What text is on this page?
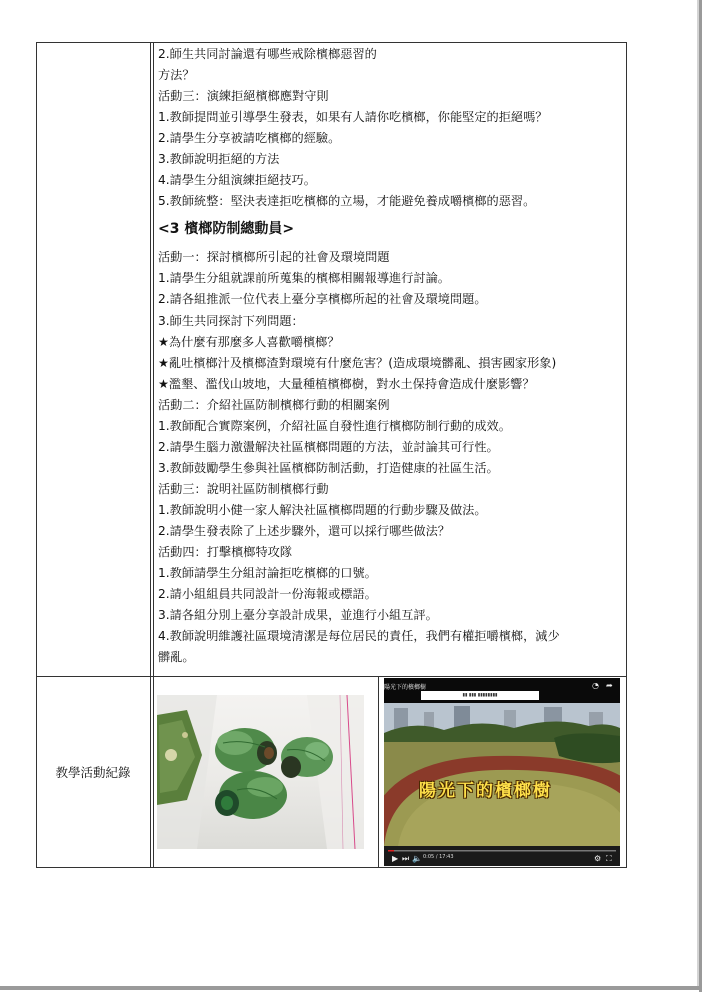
2.師生共同討論還有哪些戒除檳榔惡習的

方法？

活動三：演練拒絕檳榔應對守則

1.教師提問並引導學生發表，如果有人請你吃檳榔，你能堅定的拒絕嗎？

2.請學生分享被請吃檳榔的經驗。

3.教師說明拒絕的方法

4.請學生分組演練拒絕技巧。

5.教師統整：堅決表達拒吃檳榔的立場，才能避免養成嚼檳榔的惡習。

<3 檳榔防制總動員>

活動一：探討檳榔所引起的社會及環境問題

1.請學生分組就課前所蒐集的檳榔相關報導進行討論。

2.請各組推派一位代表上臺分享檳榔所起的社會及環境問題。

3.師生共同探討下列問題：

★為什麼有那麼多人喜歡嚼檳榔？

★亂吐檳榔汁及檳榔渣對環境有什麼危害？(造成環境髒亂、損害國家形象)

★濫墾、濫伐山坡地，大量種植檳榔樹，對水土保持會造成什麼影響？

活動二：介紹社區防制檳榔行動的相關案例

1.教師配合實際案例，介紹社區自發性進行檳榔防制行動的成效。

2.請學生腦力激盪解決社區檳榔問題的方法，並討論其可行性。

3.教師鼓勵學生參與社區檳榔防制活動，打造健康的社區生活。

活動三：說明社區防制檳榔行動

1.教師說明小健一家人解決社區檳榔問題的行動步驟及做法。

2.請學生發表除了上述步驟外，還可以採行哪些做法？

活動四：打擊檳榔特攻隊

1.教師請學生分組討論拒吃檳榔的口號。

2.請小組組員共同設計一份海報或標語。

3.請各組分別上臺分享設計成果，並進行小組互評。

4.教師說明維護社區環境清潔是每位居民的責任，我們有權拒嚼檳榔，減少

髒亂。

教學活動紀錄
陽光下的檳榔樹
▮▮ ▮▮▮ ▮▮▮▮▮▮▮▮
陽光下的檳榔樹
◔ ➦
▶ ⏭ 🔈 0:05 / 17:43	⚙ ⛶
